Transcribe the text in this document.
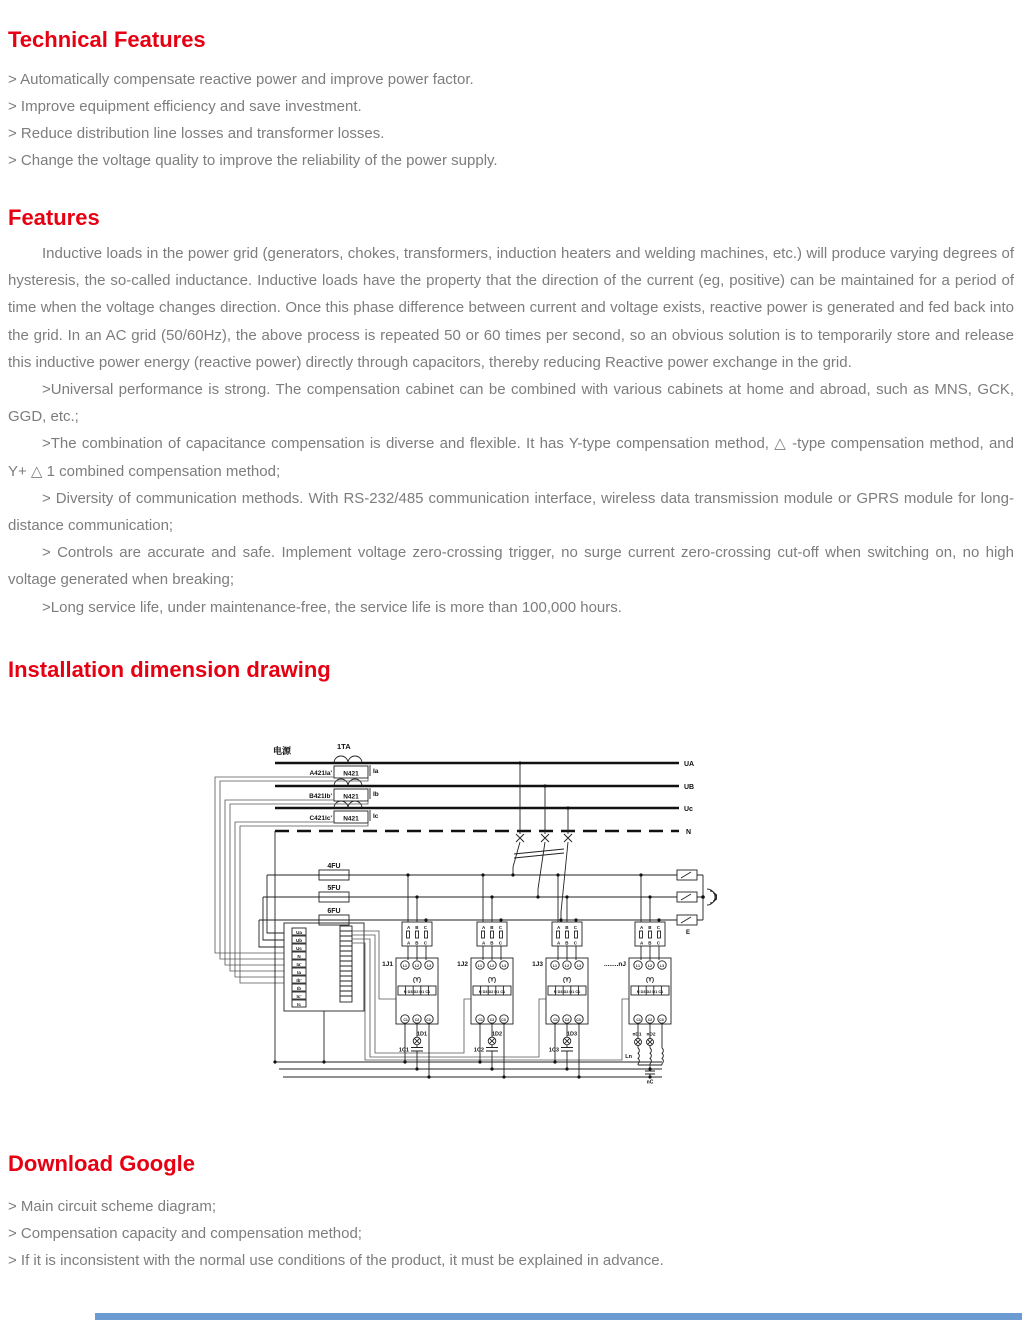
Technical Features

> Automatically compensate reactive power and improve power factor.

> Improve equipment efficiency and save investment.

> Reduce distribution line losses and transformer losses.

> Change the voltage quality to improve the reliability of the power supply.

Features

Inductive loads in the power grid (generators, chokes, transformers, induction heaters and welding machines, etc.) will produce varying degrees of hysteresis, the so-called inductance. Inductive loads have the property that the direction of the current (eg, positive) can be maintained for a period of time when the voltage changes direction. Once this phase difference between current and voltage exists, reactive power is generated and fed back into the grid. In an AC grid (50/60Hz), the above process is repeated 50 or 60 times per second, so an obvious solution is to temporarily store and release this inductive power energy (reactive power) directly through capacitors, thereby reducing Reactive power exchange in the grid.

>Universal performance is strong. The compensation cabinet can be combined with various cabinets at home and abroad, such as MNS, GCK, GGD, etc.;

>The combination of capacitance compensation is diverse and flexible. It has Y-type compensation method, △ -type compensation method, and Y+ △ 1 combined compensation method;

> Diversity of communication methods. With RS-232/485 communication interface, wireless data transmission module or GPRS module for long-distance communication;

> Controls are accurate and safe. Implement voltage zero-crossing trigger, no surge current zero-crossing cut-off when switching on, no high voltage generated when breaking;

>Long service life, under maintenance-free, the service life is more than 100,000 hours.

Installation dimension drawing
UA
UB
Uc
N
电源	1TA
N421
A421Ia'	Ia
N421
B421Ib'	Ib
N421
C421Ic'	Ic
4FU
5FU
6FU
E
Ua
Ub
Uc
N
Ia'
Ia
Ib'
Ib
Ic'
Ic
A B C
A B C
L1 L2 L3
(Y)
N D3 D2 D1 C1
C1 C2 C3
1J1
1D1
1C1
A B C
A B C
L1 L2 L3
(Y)
N D3 D2 D1 C1
C1 C2 C3
1J2
1D2
1C2
A B C
A B C
L1 L2 L3
(Y)
N D3 D2 D1 C1
C1 C2 C3
1J3
1D3
1C3
A B C
A B C
L1 L2 L3
(Y)
N D3 D2 D1 C1
C1 C2 C3
........nJ
nD1 nD2
Ln
nC
Download Google

> Main circuit scheme diagram;

> Compensation capacity and compensation method;

> If it is inconsistent with the normal use conditions of the product, it must be explained in advance.
